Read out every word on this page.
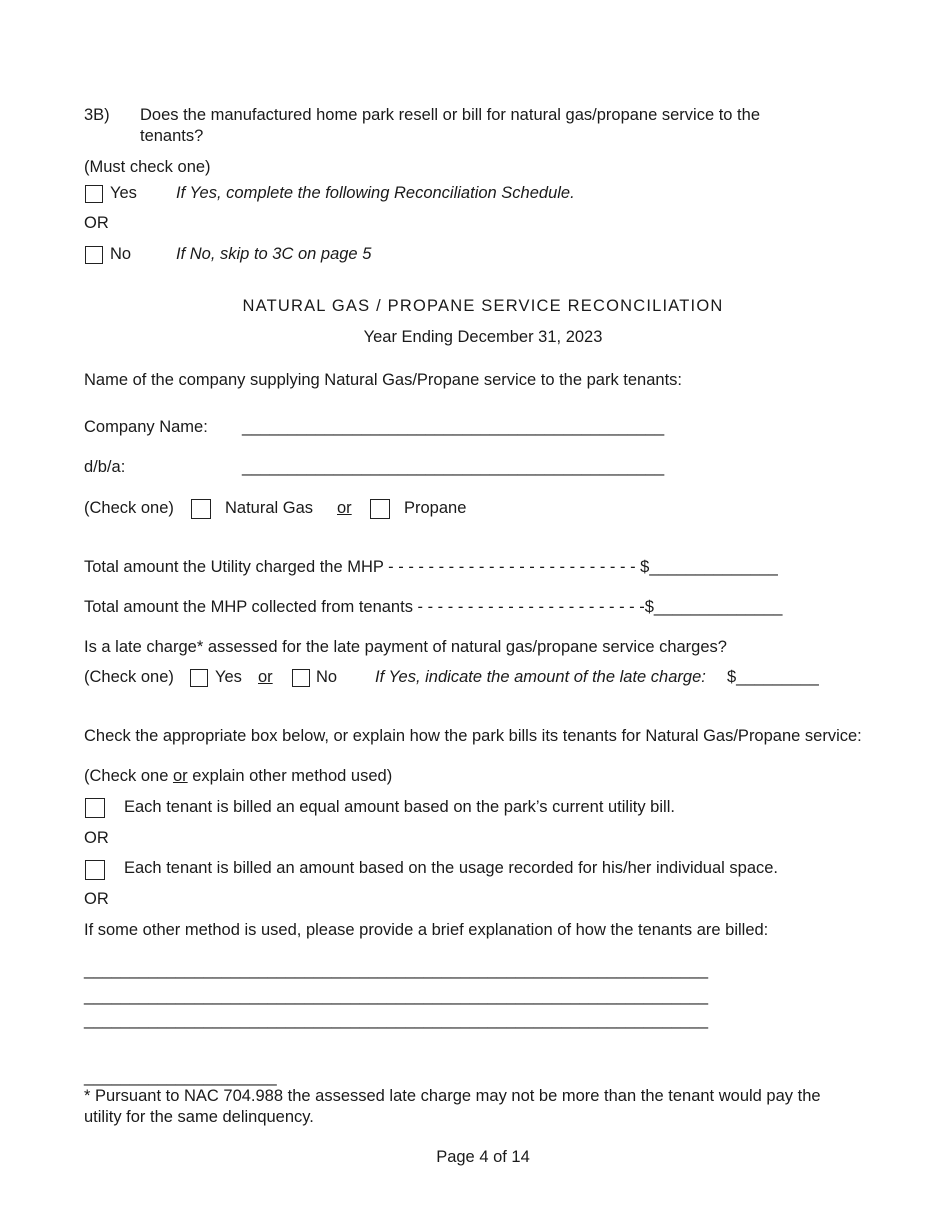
3B) Does the manufactured home park resell or bill for natural gas/propane service to the
tenants?
(Must check one)
Yes If Yes, complete the following Reconciliation Schedule.
OR
No	If No, skip to 3C on page 5
NATURAL GAS / PROPANE SERVICE RECONCILIATION
Year Ending December 31, 2023
Name of the company supplying Natural Gas/Propane service to the park tenants:
Company Name: ______________________________________________
d/b/a:	______________________________________________
(Check one)	Natural Gas or	Propane
Total amount the Utility charged the MHP - - - - - - - - - - - - - - - - - - - - - - - - - $______________
Total amount the MHP collected from tenants - - - - - - - - - - - - - - - - - - - - - - -$______________
Is a late charge* assessed for the late payment of natural gas/propane service charges?
(Check one) Yes or	No If Yes, indicate the amount of the late charge: $_________
Check the appropriate box below, or explain how the park bills its tenants for Natural Gas/Propane service:
(Check one or explain other method used)
Each tenant is billed an equal amount based on the park’s current utility bill.
OR
Each tenant is billed an amount based on the usage recorded for his/her individual space.
OR
If some other method is used, please provide a brief explanation of how the tenants are billed:
____________________________________________________________________
____________________________________________________________________
____________________________________________________________________
_____________________
* Pursuant to NAC 704.988 the assessed late charge may not be more than the tenant would pay the
utility for the same delinquency.
Page 4 of 14
